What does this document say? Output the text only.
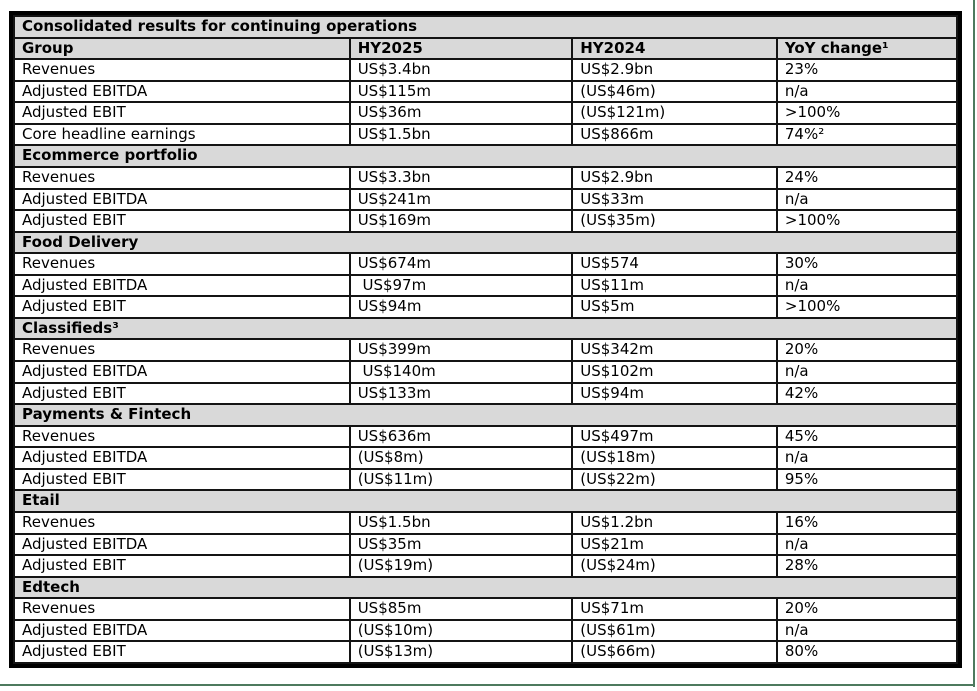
Consolidated results for continuing operations			
Group	HY2025	HY2024	YoY change¹
Revenues	US$3.4bn	US$2.9bn	23%
Adjusted EBITDA	US$115m	(US$46m)	n/a
Adjusted EBIT	US$36m	(US$121m)	>100%
Core headline earnings	US$1.5bn	US$866m	74%²
Ecommerce portfolio			
Revenues	US$3.3bn	US$2.9bn	24%
Adjusted EBITDA	US$241m	US$33m	n/a
Adjusted EBIT	US$169m	(US$35m)	>100%
Food Delivery			
Revenues	US$674m	US$574	30%
Adjusted EBITDA	US$97m	US$11m	n/a
Adjusted EBIT	US$94m	US$5m	>100%
Classifieds³			
Revenues	US$399m	US$342m	20%
Adjusted EBITDA	US$140m	US$102m	n/a
Adjusted EBIT	US$133m	US$94m	42%
Payments & Fintech			
Revenues	US$636m	US$497m	45%
Adjusted EBITDA	(US$8m)	(US$18m)	n/a
Adjusted EBIT	(US$11m)	(US$22m)	95%
Etail			
Revenues	US$1.5bn	US$1.2bn	16%
Adjusted EBITDA	US$35m	US$21m	n/a
Adjusted EBIT	(US$19m)	(US$24m)	28%
Edtech			
Revenues	US$85m	US$71m	20%
Adjusted EBITDA	(US$10m)	(US$61m)	n/a
Adjusted EBIT	(US$13m)	(US$66m)	80%
